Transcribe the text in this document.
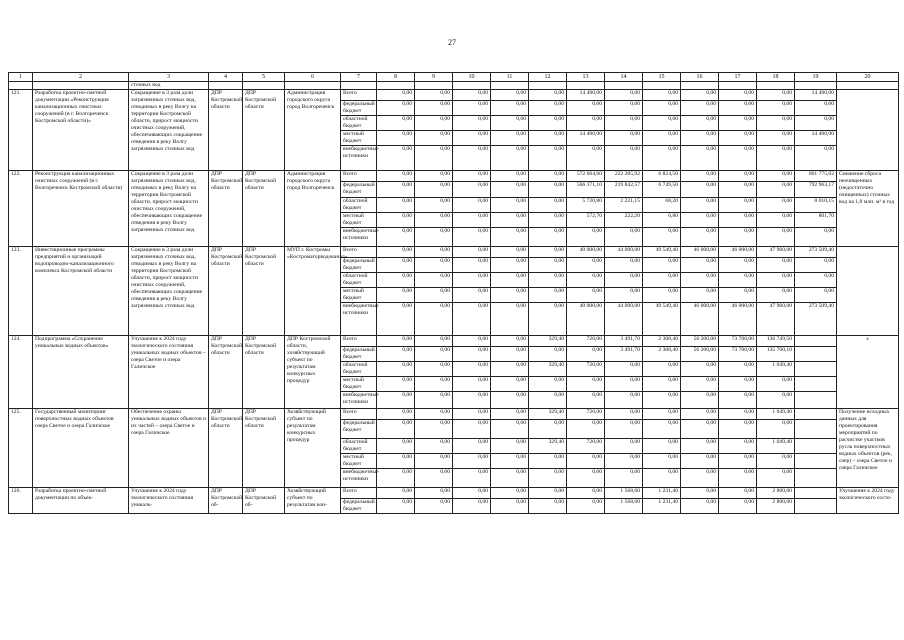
27
1	2	3	4	5	6	7	8	9	10	11	12	13	14	15	16	17	18	19	20
		сточных вод																	
121.	Разработка проектно-сметной документации «Реконструкция канализационных очистных сооружений (в г. Волгореченск Костромской области)»	Сокращение в 3 раза доли загрязненных сточных вод, отводимых в реку Волгу на территории Костромской области, прирост мощности очистных сооружений, обеспечивающих сокращение отведения в реку Волгу загрязненных сточных вод	ДПР Костромской области	ДПР Костромской области	Администрация городского округа город Волгореченск	Всего	0,00	0,00	0,00	0,00	0,00	14 400,00	0,00	0,00	0,00	0,00	0,00	14 400,00	
						федеральный бюджет	0,00	0,00	0,00	0,00	0,00	0,00	0,00	0,00	0,00	0,00	0,00	0,00	
						областной бюджет	0,00	0,00	0,00	0,00	0,00	0,00	0,00	0,00	0,00	0,00	0,00	0,00	
						местный бюджет	0,00	0,00	0,00	0,00	0,00	14 400,00	0,00	0,00	0,00	0,00	0,00	14 400,00	
						внебюджетные источники	0,00	0,00	0,00	0,00	0,00	0,00	0,00	0,00	0,00	0,00	0,00	0,00	
122.	Реконструкция канализационных очистных сооружений (в г. Волгореченск Костромской области)	Сокращение в 3 раза доли загрязненных сточных вод, отводимых в реку Волгу на территории Костромской области, прирост мощности очистных сооружений, обеспечивающих сокращение отведения в реку Волгу загрязненных сточных вод	ДПР Костромской области	ДПР Костромской области	Администрация городского округа город Волгореченск	Всего	0,00	0,00	0,00	0,00	0,00	572 664,60	222 285,92	6 824,50	0,00	0,00	0,00	801 775,02	Снижение сброса неочищенных (недостаточно очищенных) сточных вод на 1,8 млн. м³ в год
						федеральный бюджет	0,00	0,00	0,00	0,00	0,00	566 371,10	219 842,57	6 749,50	0,00	0,00	0,00	792 963,17	
						областной бюджет	0,00	0,00	0,00	0,00	0,00	5 720,80	2 221,15	68,20	0,00	0,00	0,00	8 010,15	
						местный бюджет	0,00	0,00	0,00	0,00	0,00	572,70	222,20	6,80	0,00	0,00	0,00	801,70	
						внебюджетные источники	0,00	0,00	0,00	0,00	0,00	0,00	0,00	0,00	0,00	0,00	0,00	0,00	
123.	Инвестиционные программы предприятий и организаций водопроводно-канализационного комплекса Костромской области	Сокращение в 3 раза доли загрязненных сточных вод, отводимых в реку Волгу на территории Костромской области, прирост мощности очистных сооружений, обеспечивающих сокращение отведения в реку Волгу загрязненных сточных вод	ДПР Костромской области	ДПР Костромской области	МУП г. Костромы «Костромагорводоканал»	Всего	0,00	0,00	0,00	0,00	0,00	40 000,00	44 000,00	49 549,40	46 000,00	46 000,00	47 960,00	273 509,40	
						федеральный бюджет	0,00	0,00	0,00	0,00	0,00	0,00	0,00	0,00	0,00	0,00	0,00	0,00	
						областной бюджет	0,00	0,00	0,00	0,00	0,00	0,00	0,00	0,00	0,00	0,00	0,00	0,00	
						местный бюджет	0,00	0,00	0,00	0,00	0,00	0,00	0,00	0,00	0,00	0,00	0,00	0,00	
						внебюджетные источники	0,00	0,00	0,00	0,00	0,00	40 000,00	44 000,00	49 549,40	46 000,00	46 000,00	47 960,00	273 509,40	
124.	Подпрограмма «Сохранение уникальных водных объектов»	Улучшение к 2024 году экологического состояния уникальных водных объектов – озера Светое и озера Галичское	ДПР Костромской области	ДПР Костромской области	ДПР Костромской области, хозяйствующий субъект по результатам конкурсных процедур	Всего	0,00	0,00	0,00	0,00	329,40	720,00	3 491,70	2 308,40	56 200,00	73 700,00	136 749,50		х
						федеральный бюджет	0,00	0,00	0,00	0,00	0,00	0,00	3 491,70	2 308,40	56 200,00	73 700,00	135 700,10		
						областной бюджет	0,00	0,00	0,00	0,00	329,40	720,00	0,00	0,00	0,00	0,00	1 049,40		
						местный бюджет	0,00	0,00	0,00	0,00	0,00	0,00	0,00	0,00	0,00	0,00	0,00		
						внебюджетные источники	0,00	0,00	0,00	0,00	0,00	0,00	0,00	0,00	0,00	0,00	0,00		
125.	Государственный мониторинг поверхностных водных объектов озера Светое и озера Галичское	Обеспечение охраны уникальных водных объектов и их частей – озера Светое и озера Галичское	ДПР Костромской области	ДПР Костромской области	Хозяйствующий субъект по результатам конкурсных процедур	Всего	0,00	0,00	0,00	0,00	329,40	720,00	0,00	0,00	0,00	0,00	1 049,40		Получение исходных данных для проектирования мероприятий по расчистке участков русла поверхностных водных объектов (рек, озер) – озера Светое и озера Галичское
						федеральный бюджет	0,00	0,00	0,00	0,00	0,00	0,00	0,00	0,00	0,00	0,00	0,00		
						областной бюджет	0,00	0,00	0,00	0,00	329,40	720,00	0,00	0,00	0,00	0,00	1 049,40		
						местный бюджет	0,00	0,00	0,00	0,00	0,00	0,00	0,00	0,00	0,00	0,00	0,00		
						внебюджетные источники	0,00	0,00	0,00	0,00	0,00	0,00	0,00	0,00	0,00	0,00	0,00		
126.	Разработка проектно-сметной документации по объек-	Улучшение к 2024 году экологического состояния уникаль-	ДПР Костромской об-	ДПР Костромской об-	Хозяйствующий субъект по результатам кон-	Всего	0,00	0,00	0,00	0,00	0,00	0,00	1 568,60	1 231,40	0,00	0,00	2 800,00		Улучшение к 2024 году экологического состо-
						федеральный бюджет	0,00	0,00	0,00	0,00	0,00	0,00	1 568,60	1 231,40	0,00	0,00	2 800,00		
